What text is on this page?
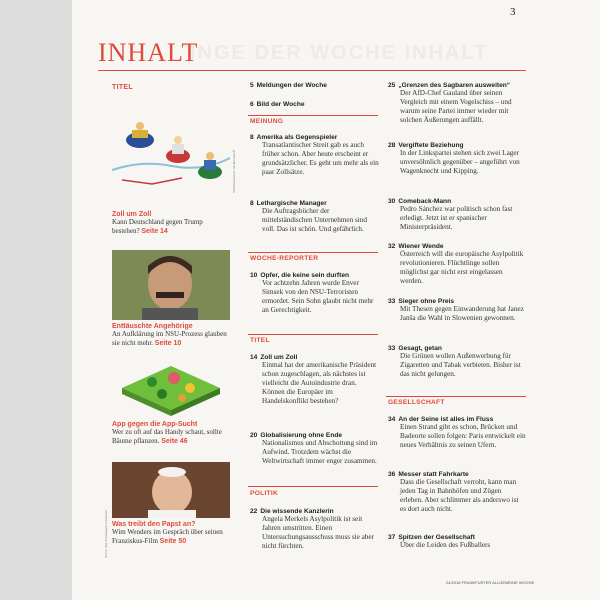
3
INHALT
INGE DER WOCHE INHALT
TITEL
Zoll um Zoll
Kann Deutschland gegen Trump bestehen? Seite 14
Titelillustration: Jan Rieckhoff
Enttäuschte Angehörige
An Aufklärung im NSU-Prozess glauben sie nicht mehr. Seite 10
App gegen die App-Sucht
Wer zu oft auf das Handy schaut, sollte Bäume pflanzen. Seite 46
Was treibt den Papst an?
Wim Wenders im Gespräch über seinen Franziskus-Film Seite 50
Fotos: dpa, Forestappli, Universal
5 Meldungen der Woche
6 Bild der Woche
MEINUNG
8 Amerika als Gegenspieler
Transatlantischer Streit gab es auch früher schon. Aber heute erscheint er grundsätzlicher. Es geht um mehr als ein paar Zollsätze.
8 Lethargische Manager
Die Auftragsbücher der mittelständischen Unternehmen sind voll. Das ist schön. Und gefährlich.
WOCHE-REPORTER
10 Opfer, die keine sein durften
Vor achtzehn Jahren wurde Enver Simsek von den NSU-Terroristen ermordet. Sein Sohn glaubt nicht mehr an Gerechtigkeit.
TITEL
14 Zoll um Zoll
Einmal hat der amerikanische Präsident schon zugeschlagen, als nächstes ist vielleicht die Autoindustrie dran. Können die Europäer im Handelskonflikt bestehen?
20 Globalisierung ohne Ende
Nationalismus und Abschottung sind im Aufwind. Trotzdem wächst die Weltwirtschaft immer enger zusammen.
POLITIK
22 Die wissende Kanzlerin
Angela Merkels Asylpolitik ist seit Jahren umstritten. Einen Untersuchungsausschuss muss sie aber nicht fürchten.
25 „Grenzen des Sagbaren ausweiten“
Der AfD-Chef Gauland über seinen Vergleich mit einem Vogelschiss – und warum seine Partei immer wieder mit solchen Äußerungen auffällt.
28 Vergiftete Beziehung
In der Linkspartei stehen sich zwei Lager unversöhnlich gegenüber – angeführt von Wagenknecht und Kipping.
30 Comeback-Mann
Pedro Sánchez war politisch schon fast erledigt. Jetzt ist er spanischer Ministerpräsident.
32 Wiener Wende
Österreich will die europäische Asylpolitik revolutionieren. Flüchtlinge sollen möglichst gar nicht erst eingelassen werden.
33 Sieger ohne Preis
Mit Thesen gegen Einwanderung hat Janez Janša die Wahl in Slowenien gewonnen.
33 Gesagt, getan
Die Grünen wollen Außenwerbung für Zigaretten und Tabak verbieten. Bisher ist das nicht gelungen.
GESELLSCHAFT
34 An der Seine ist alles im Fluss
Einen Strand gibt es schon, Brücken und Badeorte sollen folgen: Paris entwickelt ein neues Verhältnis zu seinen Ufern.
36 Messer statt Fahrkarte
Dass die Gesellschaft verroht, kann man jeden Tag in Bahnhöfen und Zügen erleben. Aber schlimmer als anderswo ist es dort auch nicht.
37 Spitzen der Gesellschaft
Über die Leiden des Fußballers
24/2018 FRANKFURTER ALLGEMEINE WOCHE
